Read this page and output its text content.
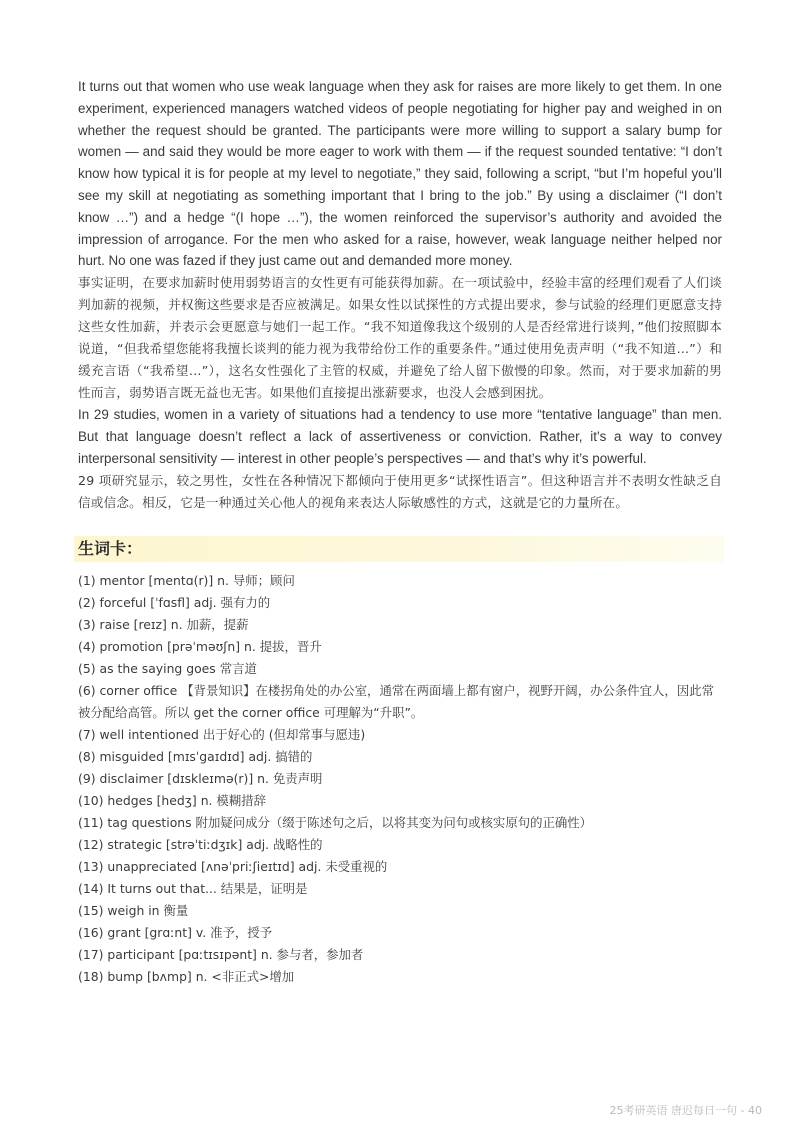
It turns out that women who use weak language when they ask for raises are more likely to get them. In one experiment, experienced managers watched videos of people negotiating for higher pay and weighed in on whether the request should be granted. The participants were more willing to support a salary bump for women — and said they would be more eager to work with them — if the request sounded tentative: “I don’t know how typical it is for people at my level to negotiate,” they said, following a script, “but I’m hopeful you’ll see my skill at negotiating as something important that I bring to the job.” By using a disclaimer (“I don’t know …”) and a hedge “(I hope …”), the women reinforced the supervisor’s authority and avoided the impression of arrogance. For the men who asked for a raise, however, weak language neither helped nor hurt. No one was fazed if they just came out and demanded more money.

事实证明，在要求加薪时使用弱势语言的女性更有可能获得加薪。在一项试验中，经验丰富的经理们观看了人们谈判加薪的视频，并权衡这些要求是否应被满足。如果女性以试探性的方式提出要求，参与试验的经理们更愿意支持这些女性加薪，并表示会更愿意与她们一起工作。“我不知道像我这个级别的人是否经常进行谈判，”他们按照脚本说道，“但我希望您能将我擅长谈判的能力视为我带给份工作的重要条件。”通过使用免责声明（“我不知道…”）和缓充言语（“我希望…”），这名女性强化了主管的权威，并避免了给人留下傲慢的印象。然而，对于要求加薪的男性而言，弱势语言既无益也无害。如果他们直接提出涨薪要求，也没人会感到困扰。

In 29 studies, women in a variety of situations had a tendency to use more “tentative language” than men. But that language doesn’t reflect a lack of assertiveness or conviction. Rather, it’s a way to convey interpersonal sensitivity — interest in other people’s perspectives — and that’s why it’s powerful.

29 项研究显示，较之男性，女性在各种情况下都倾向于使用更多“试探性语言”。但这种语言并不表明女性缺乏自信或信念。相反，它是一种通过关心他人的视角来表达人际敏感性的方式，这就是它的力量所在。

生词卡：
(1) mentor [mentɑ(r)] n. 导师；顾问
(2) forceful [ˈfɑsfl] adj. 强有力的
(3) raise [reɪz] n. 加薪，提薪
(4) promotion [prəˈməʊʃn] n. 提拔，晋升
(5) as the saying goes 常言道
(6) corner office 【背景知识】在楼拐角处的办公室，通常在两面墙上都有窗户，视野开阔，办公条件宜人，因此常被分配给高管。所以 get the corner office 可理解为“升职”。
(7) well intentioned 出于好心的 (但却常事与愿违)
(8) misguided [mɪsˈgaɪdɪd] adj. 搞错的
(9) disclaimer [dɪskleɪmə(r)] n. 免责声明
(10) hedges [hedʒ] n. 模糊措辞
(11) tag questions 附加疑问成分（缀于陈述句之后，以将其变为问句或核实原句的正确性）
(12) strategic [strəˈtiːdʒɪk] adj. 战略性的
(13) unappreciated [ʌnəˈpriːʃieɪtɪd] adj. 未受重视的
(14) It turns out that... 结果是，证明是
(15) weigh in 衡量
(16) grant [grɑːnt] v. 准予，授予
(17) participant [pɑːtɪsɪpənt] n. 参与者，参加者
(18) bump [bʌmp] n. <非正式>增加
25考研英语 唐迟每日一句 - 40
